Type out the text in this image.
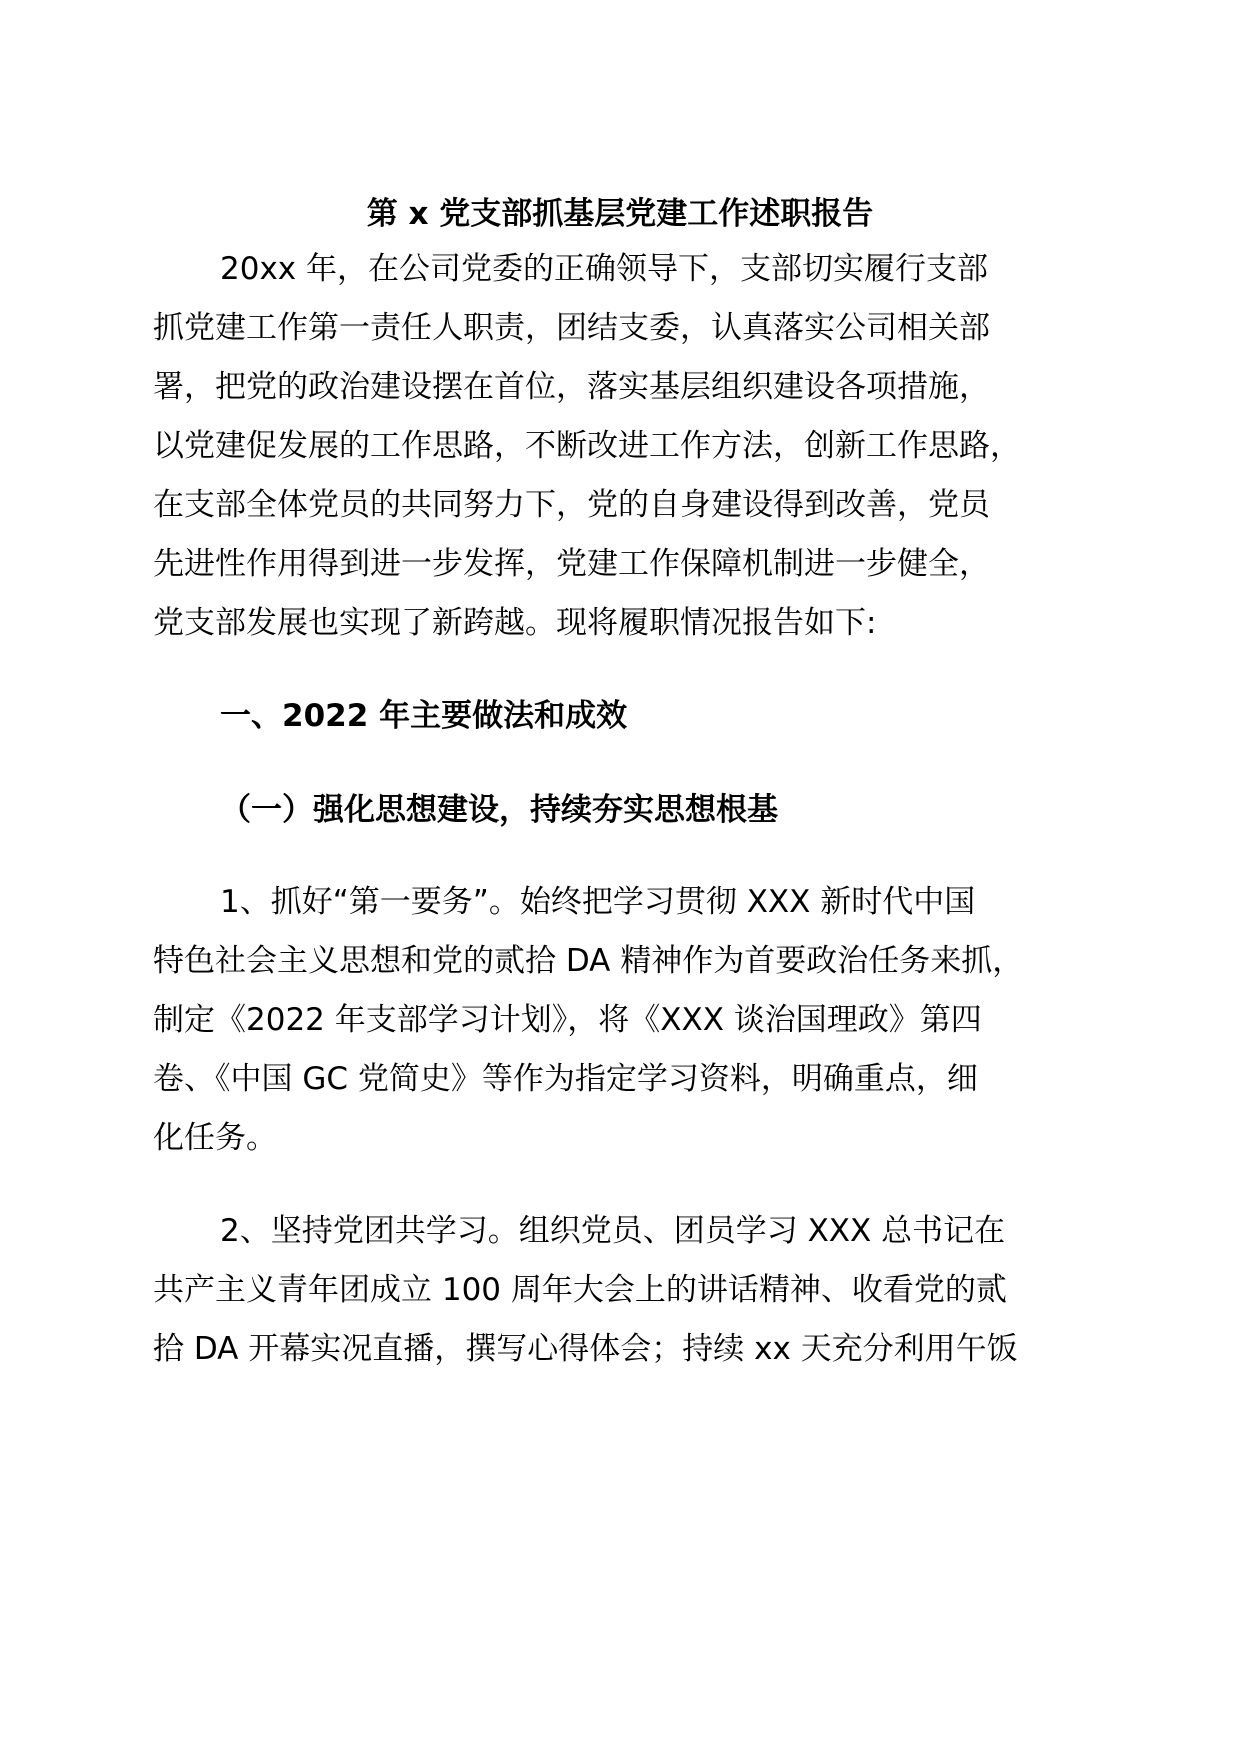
第 x 党支部抓基层党建工作述职报告

20xx 年，在公司党委的正确领导下，支部切实履行支部

抓党建工作第一责任人职责，团结支委，认真落实公司相关部

署，把党的政治建设摆在首位，落实基层组织建设各项措施，

以党建促发展的工作思路，不断改进工作方法，创新工作思路，

在支部全体党员的共同努力下，党的自身建设得到改善，党员

先进性作用得到进一步发挥，党建工作保障机制进一步健全，

党支部发展也实现了新跨越。现将履职情况报告如下:

一、2022 年主要做法和成效
（一）强化思想建设，持续夯实思想根基

1、抓好“第一要务”。始终把学习贯彻 XXX 新时代中国

特色社会主义思想和党的贰拾 DA 精神作为首要政治任务来抓，

制定《2022 年支部学习计划》，将《XXX 谈治国理政》第四

卷、《中国 GC 党简史》等作为指定学习资料，明确重点，细

化任务。

2、坚持党团共学习。组织党员、团员学习 XXX 总书记在

共产主义青年团成立 100 周年大会上的讲话精神、收看党的贰

拾 DA 开幕实况直播，撰写心得体会；持续 xx 天充分利用午饭
